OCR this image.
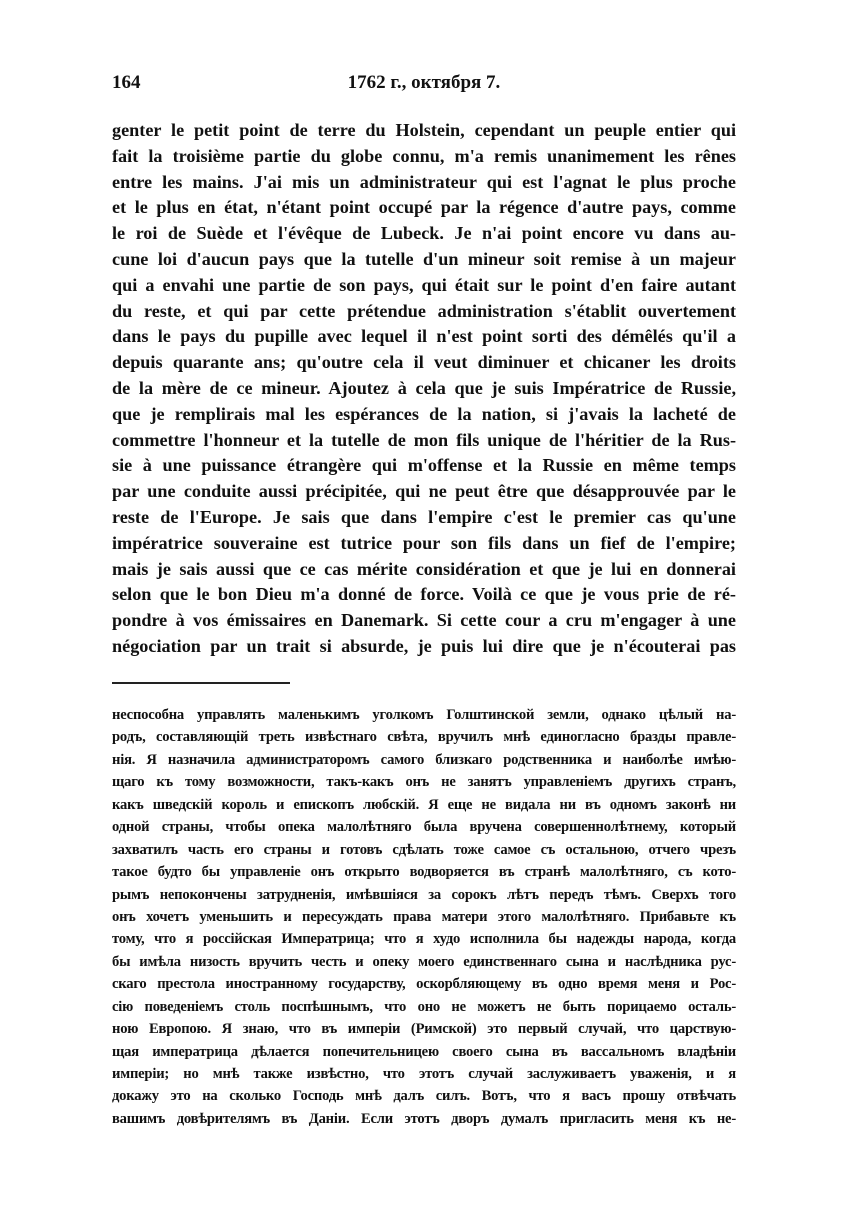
164	1762 г., октября 7.
genter le petit point de terre du Holstein, cependant un peuple entier qui
fait la troisième partie du globe connu, m'a remis unanimement les rênes
entre les mains. J'ai mis un administrateur qui est l'agnat le plus proche
et le plus en état, n'étant point occupé par la régence d'autre pays, comme
le roi de Suède et l'évêque de Lubeck. Je n'ai point encore vu dans au-
cune loi d'aucun pays que la tutelle d'un mineur soit remise à un majeur
qui a envahi une partie de son pays, qui était sur le point d'en faire autant
du reste, et qui par cette prétendue administration s'établit ouvertement
dans le pays du pupille avec lequel il n'est point sorti des démêlés qu'il a
depuis quarante ans; qu'outre cela il veut diminuer et chicaner les droits
de la mère de ce mineur. Ajoutez à cela que je suis Impératrice de Russie,
que je remplirais mal les espérances de la nation, si j'avais la lacheté de
commettre l'honneur et la tutelle de mon fils unique de l'héritier de la Rus-
sie à une puissance étrangère qui m'offense et la Russie en même temps
par une conduite aussi précipitée, qui ne peut être que désapprouvée par le
reste de l'Europe. Je sais que dans l'empire c'est le premier cas qu'une
impératrice souveraine est tutrice pour son fils dans un fief de l'empire;
mais je sais aussi que ce cas mérite considération et que je lui en donnerai
selon que le bon Dieu m'a donné de force. Voilà ce que je vous prie de ré-
pondre à vos émissaires en Danemark. Si cette cour a cru m'engager à une
négociation par un trait si absurde, je puis lui dire que je n'écouterai pas
неспособна управлять маленькимъ уголкомъ Голштинской земли, однако цѣлый на-
родъ, составляющій треть извѣстнаго свѣта, вручилъ мнѣ единогласно бразды правле-
нія. Я назначила администраторомъ самого близкаго родственника и наиболѣе имѣю-
щаго къ тому возможности, такъ-какъ онъ не занятъ управленіемъ другихъ странъ,
какъ шведскій король и епископъ любскій. Я еще не видала ни въ одномъ законѣ ни
одной страны, чтобы опека малолѣтняго была вручена совершеннолѣтнему, который
захватилъ часть его страны и готовъ сдѣлать тоже самое съ остальною, отчего чрезъ
такое будто бы управленіе онъ открыто водворяется въ странѣ малолѣтняго, съ кото-
рымъ непокончены затрудненія, имѣвшіяся за сорокъ лѣтъ передъ тѣмъ. Сверхъ того
онъ хочетъ уменьшить и пересуждать права матери этого малолѣтняго. Прибавьте къ
тому, что я россійская Императрица; что я худо исполнила бы надежды народа, когда
бы имѣла низость вручить честь и опеку моего единственнаго сына и наслѣдника рус-
скаго престола иностранному государству, оскорбляющему въ одно время меня и Рос-
сію поведеніемъ столь поспѣшнымъ, что оно не можетъ не быть порицаемо осталь-
ною Европою. Я знаю, что въ имперіи (Римской) это первый случай, что царствую-
щая императрица дѣлается попечительницею своего сына въ вассальномъ владѣніи
имперіи; но мнѣ также извѣстно, что этотъ случай заслуживаетъ уваженія, и я
докажу это на сколько Господь мнѣ далъ силъ. Вотъ, что я васъ прошу отвѣчать
вашимъ довѣрителямъ въ Даніи. Если этотъ дворъ думалъ пригласить меня къ не-
